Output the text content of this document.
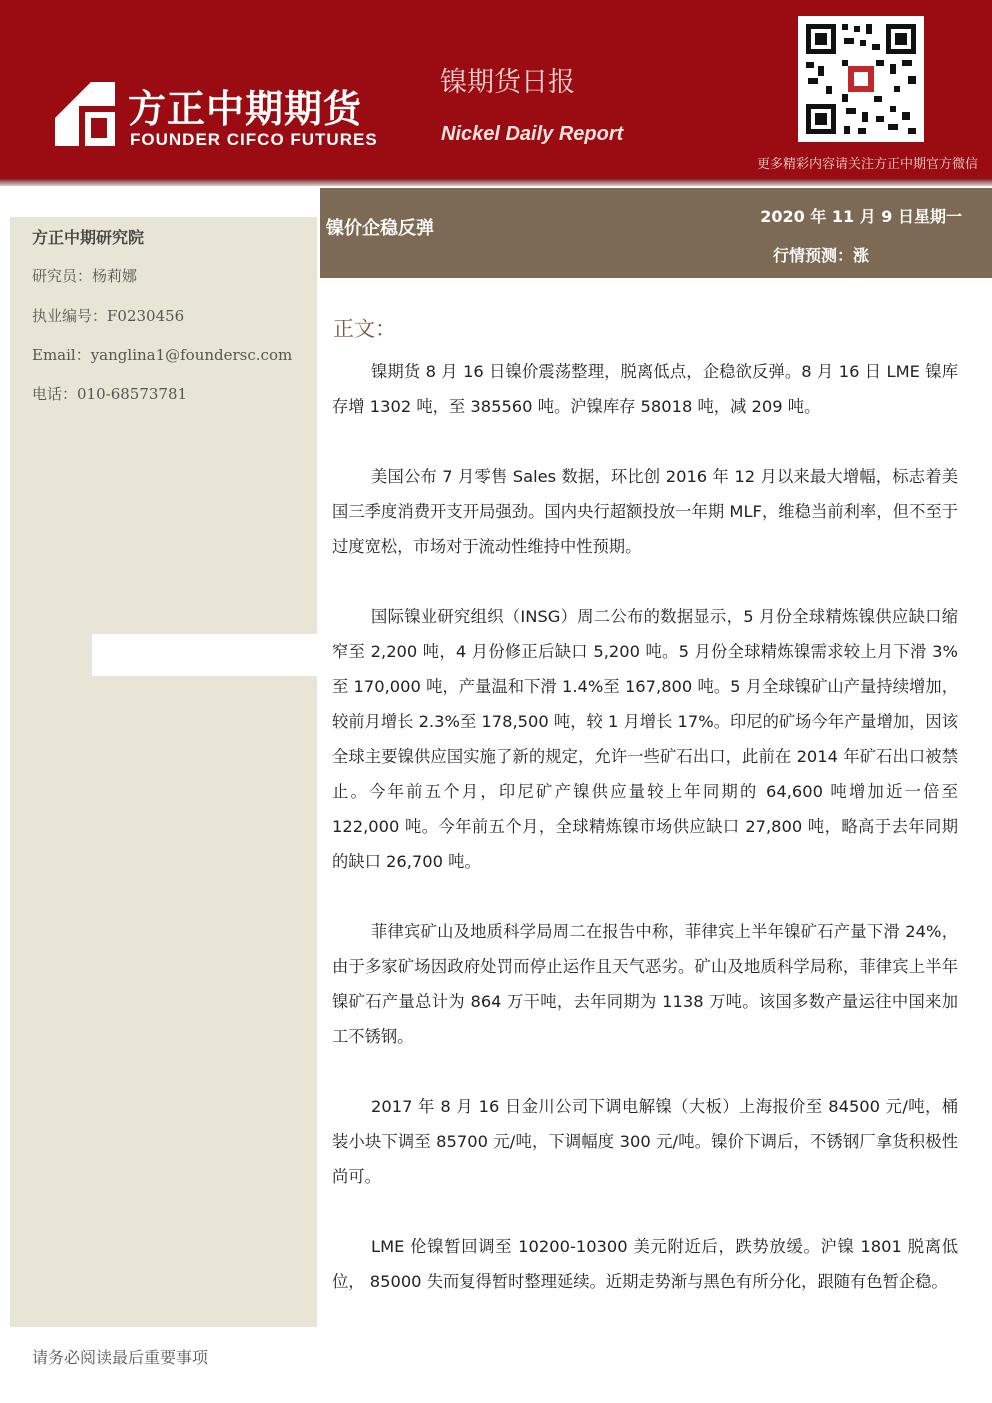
方正中期期货
FOUNDER CIFCO FUTURES
镍期货日报
Nickel Daily Report
更多精彩内容请关注方正中期官方微信
方正中期研究院
研究员：杨莉娜
执业编号：F0230456
Email：yanglina1@foundersc.com
电话：010-68573781
镍价企稳反弹
2020 年 11 月 9 日星期一
行情预测：涨
正文：

镍期货 8 月 16 日镍价震荡整理，脱离低点，企稳欲反弹。8 月 16 日 LME 镍库存增 1302 吨，至 385560 吨。沪镍库存 58018 吨，减 209 吨。

美国公布 7 月零售 Sales 数据，环比创 2016 年 12 月以来最大增幅，标志着美国三季度消费开支开局强劲。国内央行超额投放一年期 MLF，维稳当前利率，但不至于过度宽松，市场对于流动性维持中性预期。

国际镍业研究组织（INSG）周二公布的数据显示，5 月份全球精炼镍供应缺口缩窄至 2,200 吨，4 月份修正后缺口 5,200 吨。5 月份全球精炼镍需求较上月下滑 3%至 170,000 吨，产量温和下滑 1.4%至 167,800 吨。5 月全球镍矿山产量持续增加，较前月增长 2.3%至 178,500 吨，较 1 月增长 17%。印尼的矿场今年产量增加，因该全球主要镍供应国实施了新的规定，允许一些矿石出口，此前在 2014 年矿石出口被禁止。今年前五个月，印尼矿产镍供应量较上年同期的 64,600 吨增加近一倍至 122,000 吨。今年前五个月，全球精炼镍市场供应缺口 27,800 吨，略高于去年同期的缺口 26,700 吨。

菲律宾矿山及地质科学局周二在报告中称，菲律宾上半年镍矿石产量下滑 24%，由于多家矿场因政府处罚而停止运作且天气恶劣。矿山及地质科学局称，菲律宾上半年镍矿石产量总计为 864 万干吨，去年同期为 1138 万吨。该国多数产量运往中国来加工不锈钢。

2017 年 8 月 16 日金川公司下调电解镍（大板）上海报价至 84500 元/吨，桶装小块下调至 85700 元/吨，下调幅度 300 元/吨。镍价下调后，不锈钢厂拿货积极性尚可。

LME 伦镍暂回调至 10200-10300 美元附近后，跌势放缓。沪镍 1801 脱离低位， 85000 失而复得暂时整理延续。近期走势渐与黑色有所分化，跟随有色暂企稳。

请务必阅读最后重要事项
